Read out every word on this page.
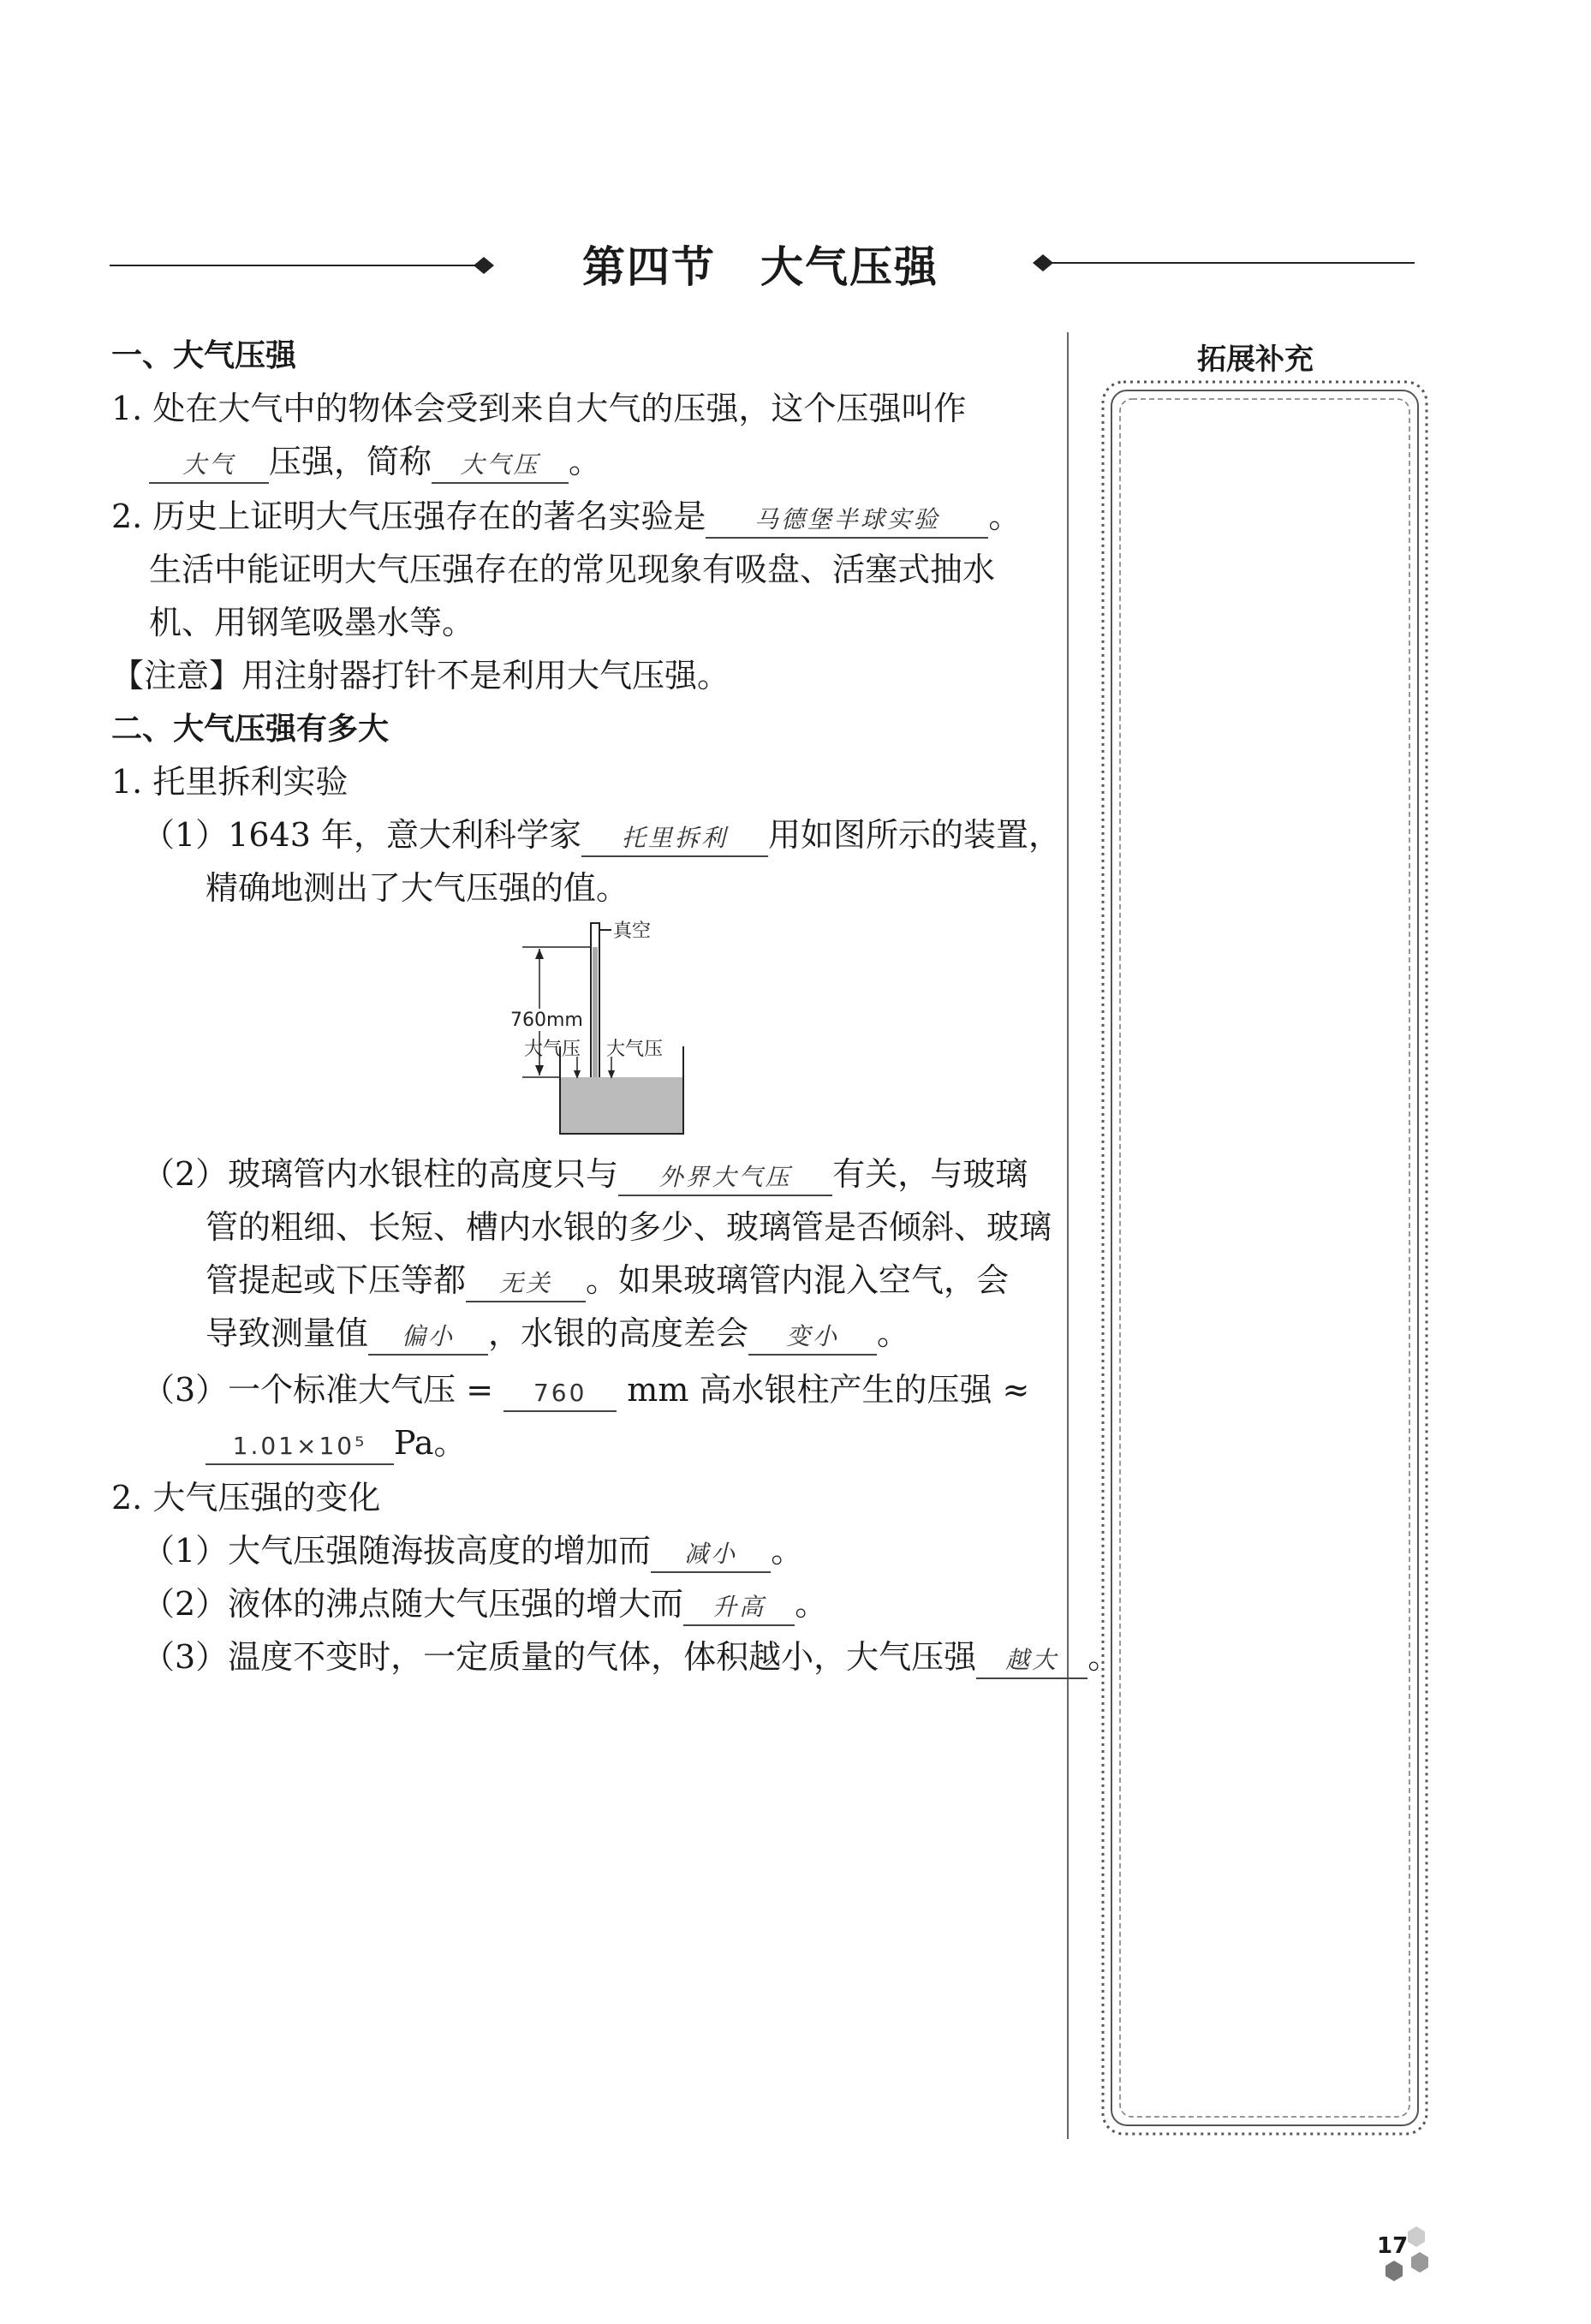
第四节　大气压强
拓展补充
一、大气压强
1. 处在大气中的物体会受到来自大气的压强，这个压强叫作
大气 压强，简称 大气压 。
2. 历史上证明大气压强存在的著名实验是 马德堡半球实验 。
生活中能证明大气压强存在的常见现象有吸盘、活塞式抽水
机、用钢笔吸墨水等。
【注意】用注射器打针不是利用大气压强。
二、大气压强有多大
1. 托里拆利实验
（1）1643 年，意大利科学家 托里拆利 用如图所示的装置，
精确地测出了大气压强的值。
真空
760mm
大气压 大气压
（2）玻璃管内水银柱的高度只与 外界大气压 有关，与玻璃
管的粗细、长短、槽内水银的多少、玻璃管是否倾斜、玻璃
管提起或下压等都 无关 。如果玻璃管内混入空气，会
导致测量值 偏小 ，水银的高度差会 变小 。
（3）一个标准大气压 = 760 mm 高水银柱产生的压强 ≈
1.01×10⁵ Pa。
2. 大气压强的变化
（1）大气压强随海拔高度的增加而 减小 。
（2）液体的沸点随大气压强的增大而 升高 。
（3）温度不变时，一定质量的气体，体积越小，大气压强 越大 。
17
